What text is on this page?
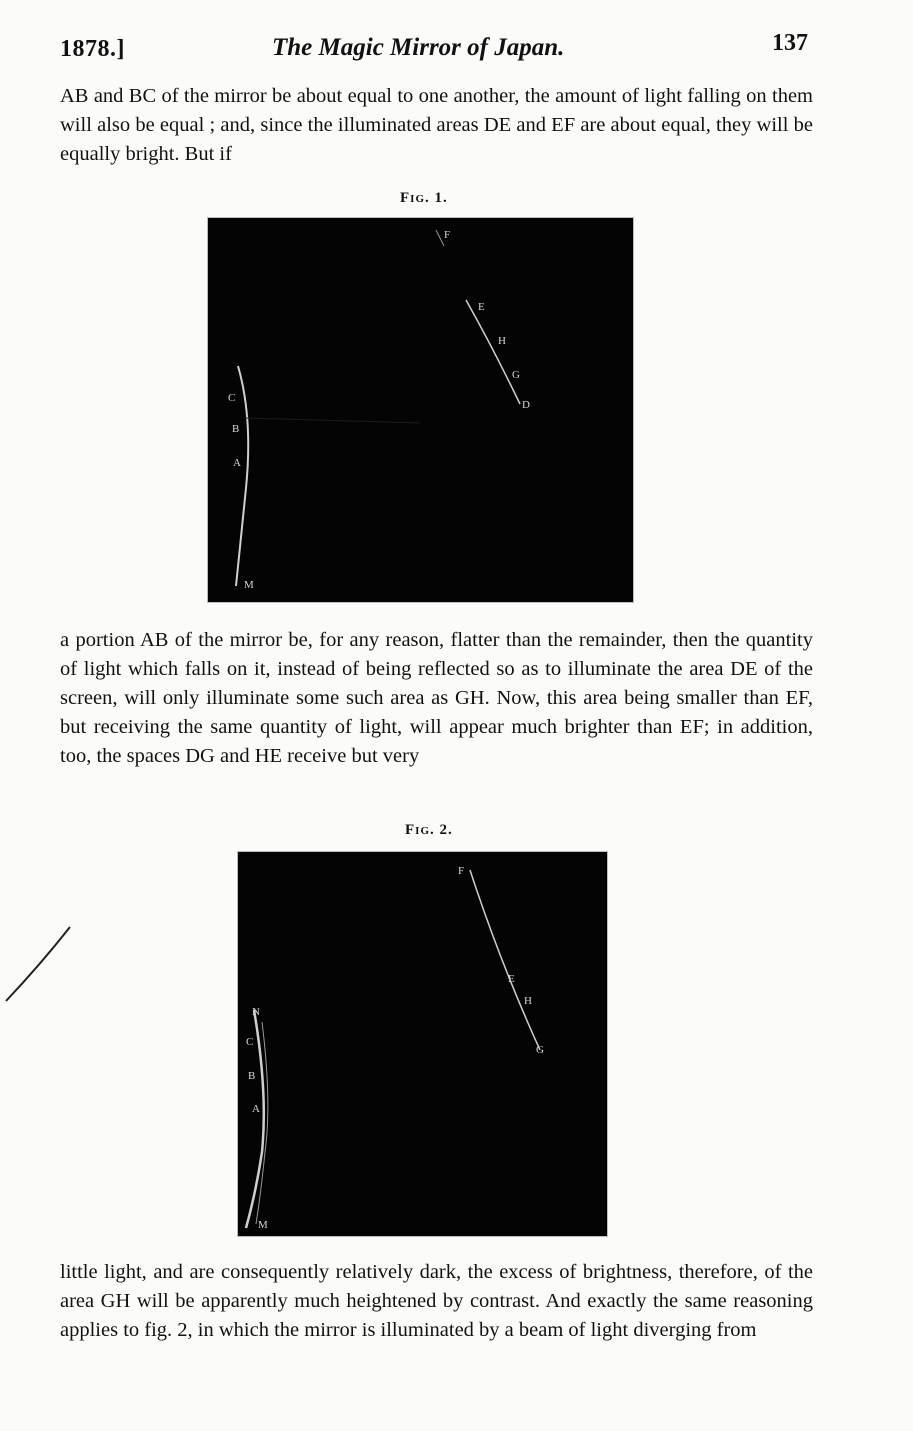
1878.]	The Magic Mirror of Japan.	137

AB and BC of the mirror be about equal to one another, the amount of light falling on them will also be equal ; and, since the illuminated areas DE and EF are about equal, they will be equally bright. But if

Fig. 1.
C
B
A
M
F
E
H
G
D

a portion AB of the mirror be, for any reason, flatter than the remainder, then the quantity of light which falls on it, instead of being reflected so as to illuminate the area DE of the screen, will only illuminate some such area as GH. Now, this area being smaller than EF, but receiving the same quantity of light, will appear much brighter than EF; in addition, too, the spaces DG and HE receive but very

Fig. 2.
N
C
B
A
M
F
E
H
G

little light, and are consequently relatively dark, the excess of brightness, therefore, of the area GH will be apparently much heightened by contrast. And exactly the same reasoning applies to fig. 2, in which the mirror is illuminated by a beam of light diverging from
